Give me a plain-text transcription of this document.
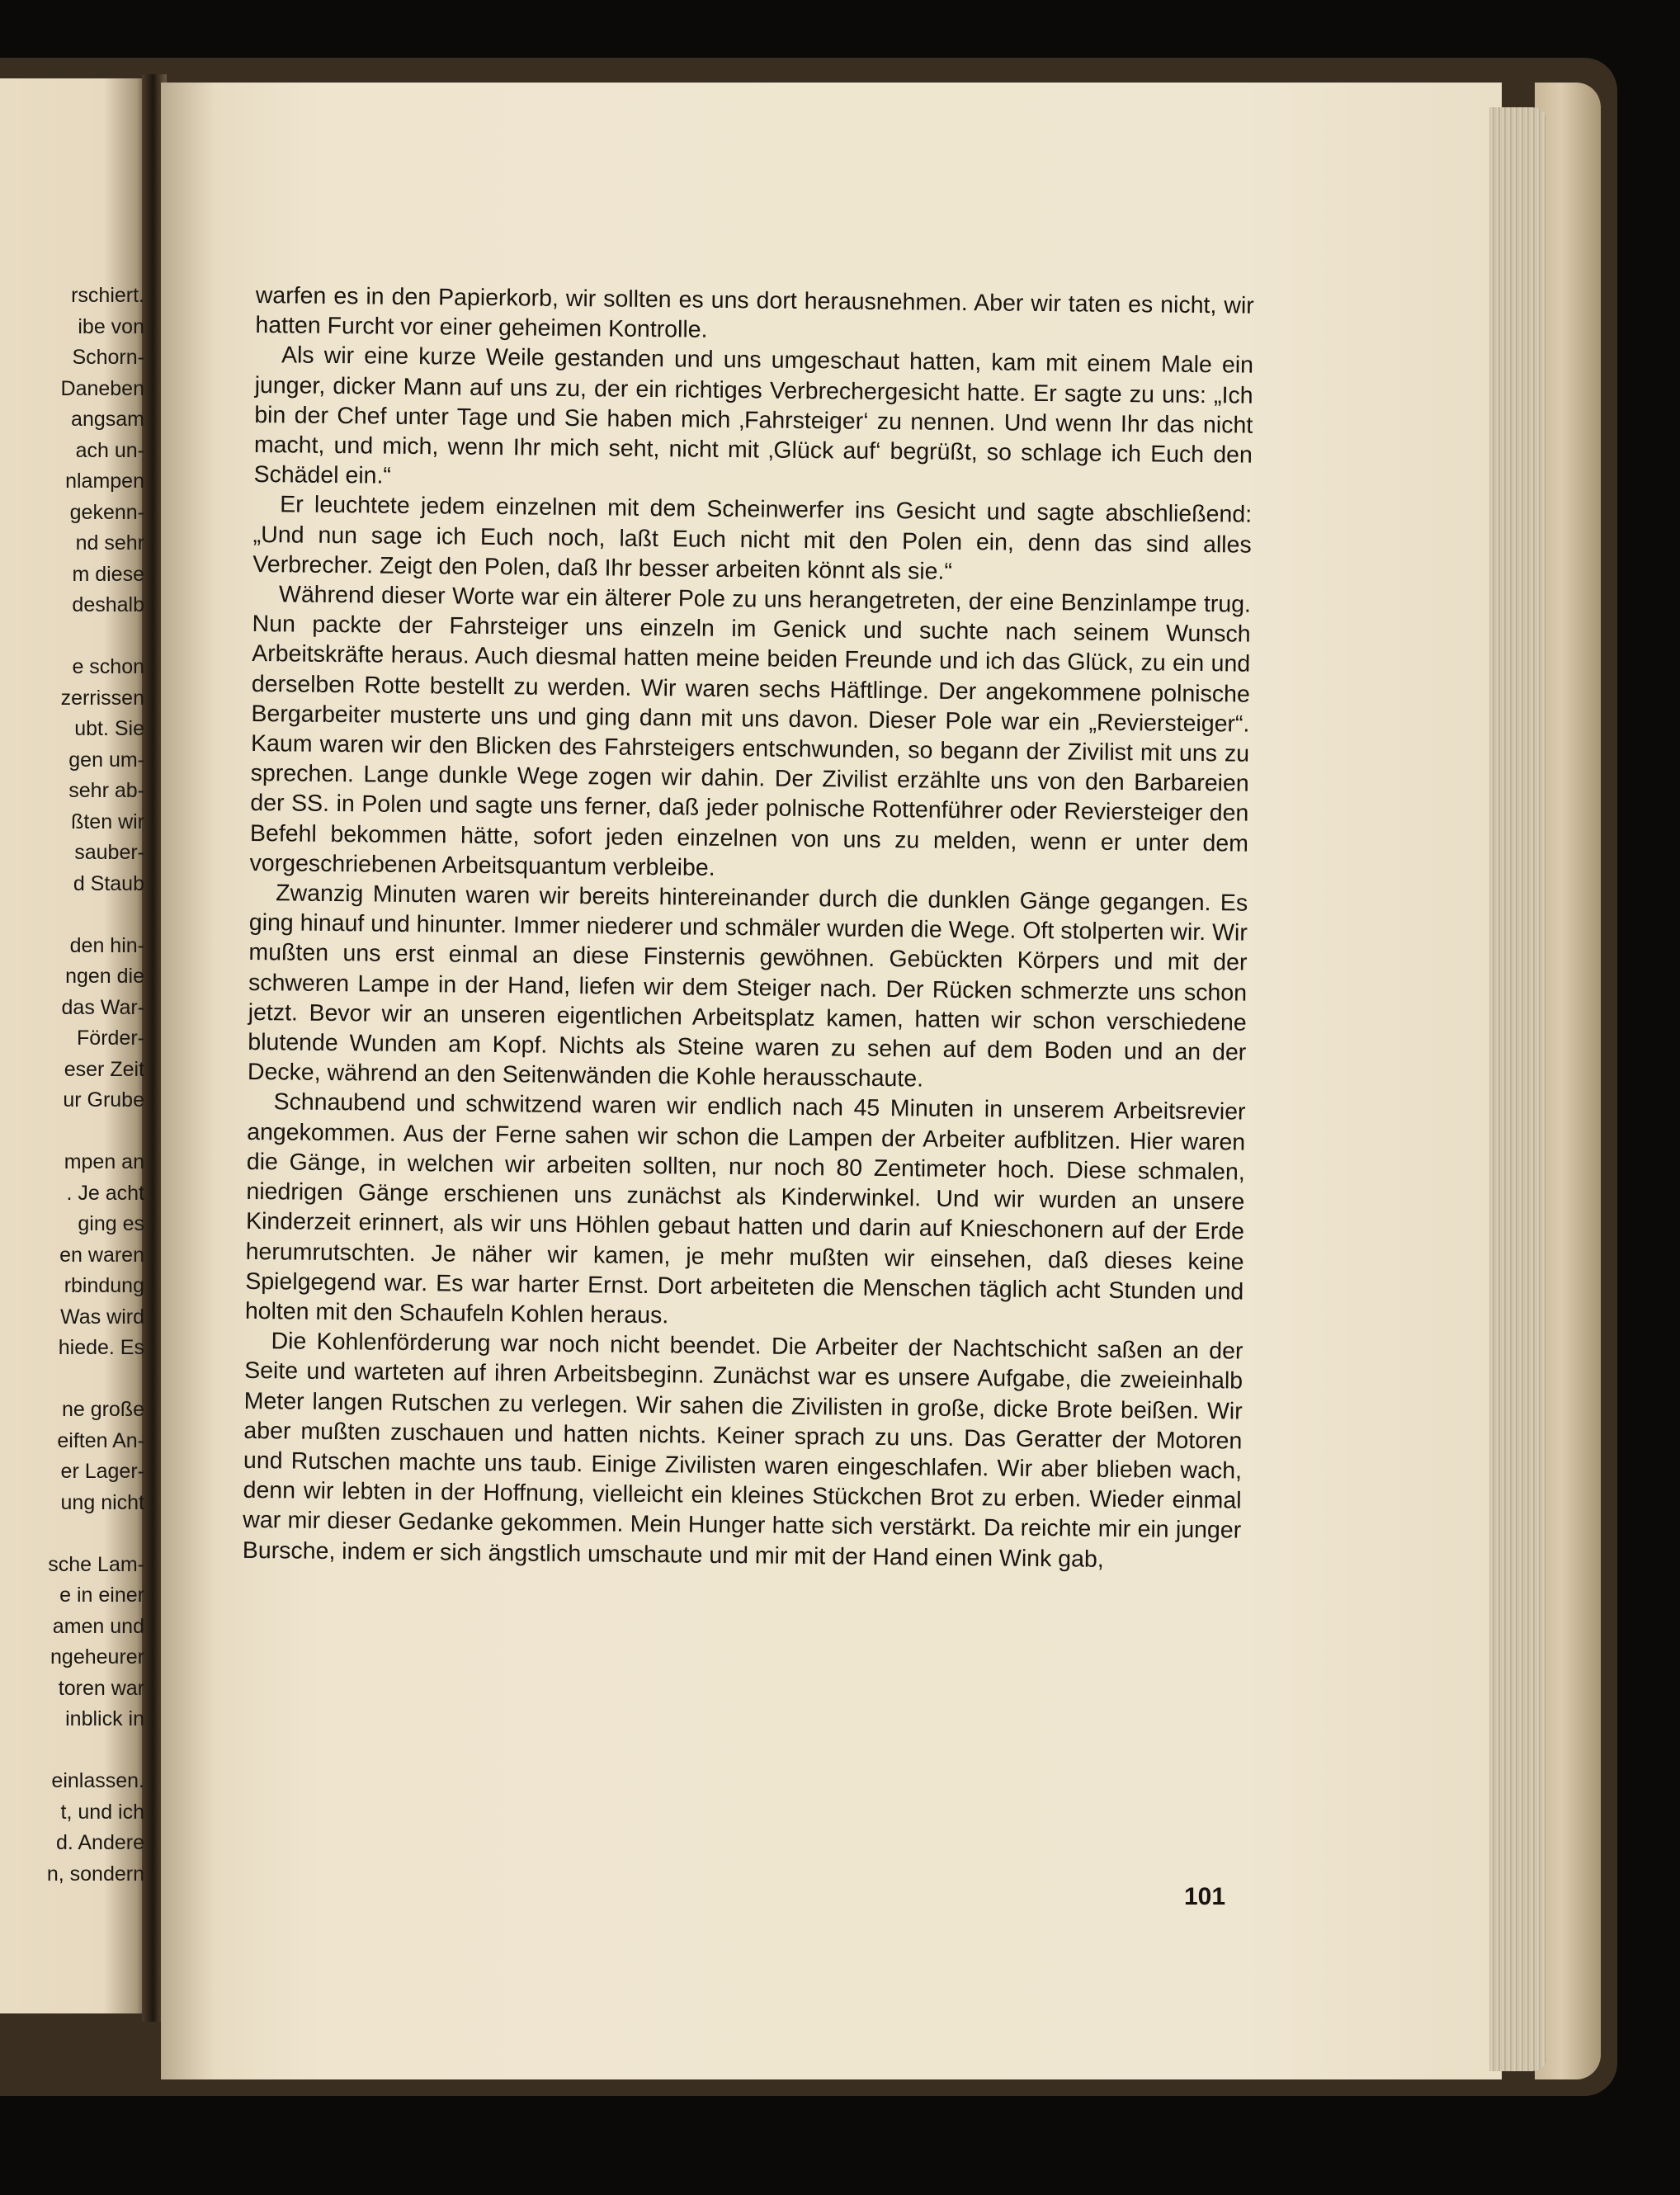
rschiert.
ibe von
Schorn-
Daneben
angsam
ach un-
nlampen
gekenn-
nd sehr
m diese
deshalb
e schon
zerrissen
ubt. Sie
gen um-
sehr ab-
ßten wir
sauber-
d Staub
den hin-
ngen die
das War-
Förder-
eser Zeit
ur Grube
mpen an
. Je acht
ging es
en waren
rbindung
Was wird
hiede. Es
ne große
eiften An-
er Lager-
ung nicht
sche Lam-
e in einer
amen und
ngeheurer
toren war
inblick in
einlassen.
t, und ich
d. Andere
n, sondern

warfen es in den Papierkorb, wir sollten es uns dort herausnehmen. Aber wir taten es nicht, wir hatten Furcht vor einer geheimen Kontrolle.

Als wir eine kurze Weile gestanden und uns umgeschaut hatten, kam mit einem Male ein junger, dicker Mann auf uns zu, der ein richtiges Verbrechergesicht hatte. Er sagte zu uns: „Ich bin der Chef unter Tage und Sie haben mich ‚Fahrsteiger‘ zu nennen. Und wenn Ihr das nicht macht, und mich, wenn Ihr mich seht, nicht mit ‚Glück auf‘ begrüßt, so schlage ich Euch den Schädel ein.“

Er leuchtete jedem einzelnen mit dem Scheinwerfer ins Gesicht und sagte abschließend: „Und nun sage ich Euch noch, laßt Euch nicht mit den Polen ein, denn das sind alles Verbrecher. Zeigt den Polen, daß Ihr besser arbeiten könnt als sie.“

Während dieser Worte war ein älterer Pole zu uns herangetreten, der eine Benzinlampe trug. Nun packte der Fahrsteiger uns einzeln im Genick und suchte nach seinem Wunsch Arbeitskräfte heraus. Auch diesmal hatten meine beiden Freunde und ich das Glück, zu ein und derselben Rotte bestellt zu werden. Wir waren sechs Häftlinge. Der angekommene polnische Bergarbeiter musterte uns und ging dann mit uns davon. Dieser Pole war ein „Reviersteiger“. Kaum waren wir den Blicken des Fahrsteigers entschwunden, so begann der Zivilist mit uns zu sprechen. Lange dunkle Wege zogen wir dahin. Der Zivilist erzählte uns von den Barbareien der SS. in Polen und sagte uns ferner, daß jeder polnische Rottenführer oder Reviersteiger den Befehl bekommen hätte, sofort jeden einzelnen von uns zu melden, wenn er unter dem vorgeschriebenen Arbeitsquantum verbleibe.

Zwanzig Minuten waren wir bereits hintereinander durch die dunklen Gänge gegangen. Es ging hinauf und hinunter. Immer niederer und schmäler wurden die Wege. Oft stolperten wir. Wir mußten uns erst einmal an diese Finsternis gewöhnen. Gebückten Körpers und mit der schweren Lampe in der Hand, liefen wir dem Steiger nach. Der Rücken schmerzte uns schon jetzt. Bevor wir an unseren eigentlichen Arbeitsplatz kamen, hatten wir schon verschiedene blutende Wunden am Kopf. Nichts als Steine waren zu sehen auf dem Boden und an der Decke, während an den Seitenwänden die Kohle herausschaute.

Schnaubend und schwitzend waren wir endlich nach 45 Minuten in unserem Arbeitsrevier angekommen. Aus der Ferne sahen wir schon die Lampen der Arbeiter aufblitzen. Hier waren die Gänge, in welchen wir arbeiten sollten, nur noch 80 Zentimeter hoch. Diese schmalen, niedrigen Gänge erschienen uns zunächst als Kinderwinkel. Und wir wurden an unsere Kinderzeit erinnert, als wir uns Höhlen gebaut hatten und darin auf Knieschonern auf der Erde herumrutschten. Je näher wir kamen, je mehr mußten wir einsehen, daß dieses keine Spielgegend war. Es war harter Ernst. Dort arbeiteten die Menschen täglich acht Stunden und holten mit den Schaufeln Kohlen heraus.

Die Kohlenförderung war noch nicht beendet. Die Arbeiter der Nachtschicht saßen an der Seite und warteten auf ihren Arbeitsbeginn. Zunächst war es unsere Aufgabe, die zweieinhalb Meter langen Rutschen zu verlegen. Wir sahen die Zivilisten in große, dicke Brote beißen. Wir aber mußten zuschauen und hatten nichts. Keiner sprach zu uns. Das Geratter der Motoren und Rutschen machte uns taub. Einige Zivilisten waren eingeschlafen. Wir aber blieben wach, denn wir lebten in der Hoffnung, vielleicht ein kleines Stückchen Brot zu erben. Wieder einmal war mir dieser Gedanke gekommen. Mein Hunger hatte sich verstärkt. Da reichte mir ein junger Bursche, indem er sich ängstlich umschaute und mir mit der Hand einen Wink gab,

101
